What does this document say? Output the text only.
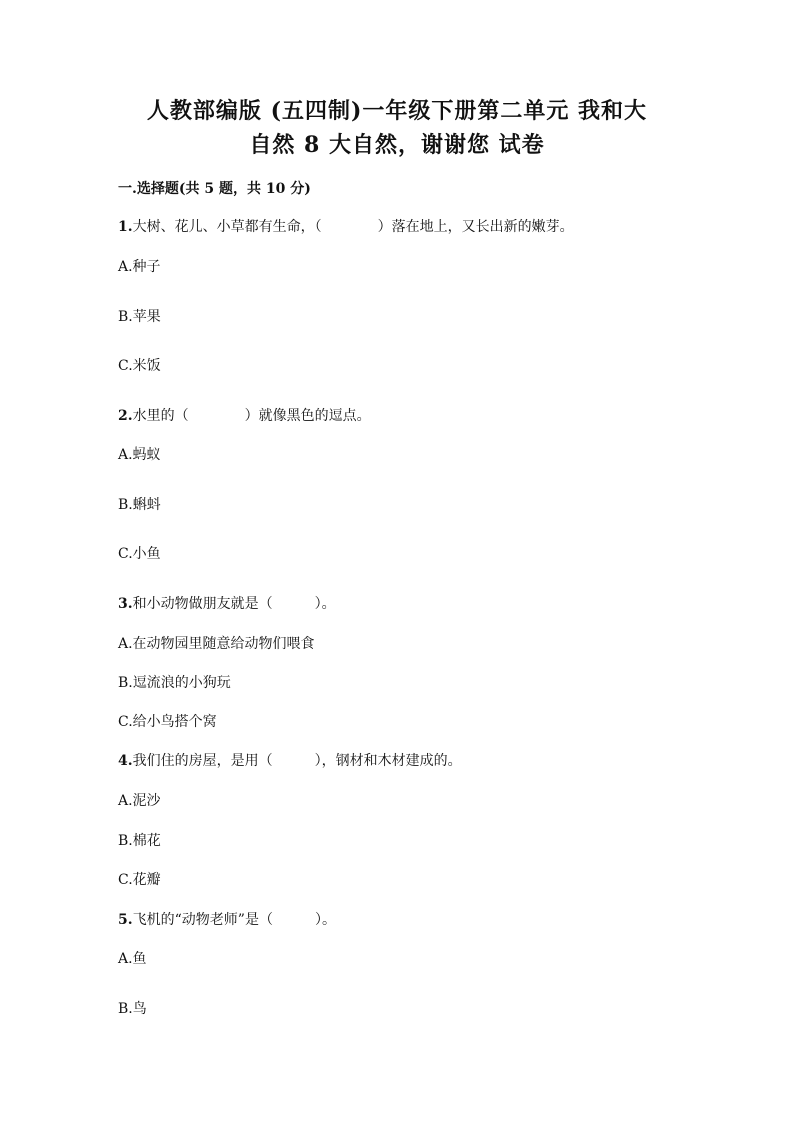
人教部编版 (五四制)一年级下册第二单元 我和大
自然 8 大自然，谢谢您 试卷
一.选择题(共 5 题，共 10 分)
1.大树、花儿、小草都有生命，（　　　　）落在地上，又长出新的嫩芽。
A.种子
B.苹果
C.米饭
2.水里的（　　　　）就像黑色的逗点。
A.蚂蚁
B.蝌蚪
C.小鱼
3.和小动物做朋友就是（　　　）。
A.在动物园里随意给动物们喂食
B.逗流浪的小狗玩
C.给小鸟搭个窝
4.我们住的房屋，是用（　　　），钢材和木材建成的。
A.泥沙
B.棉花
C.花瓣
5.飞机的“动物老师”是（　　　）。
A.鱼
B.鸟
